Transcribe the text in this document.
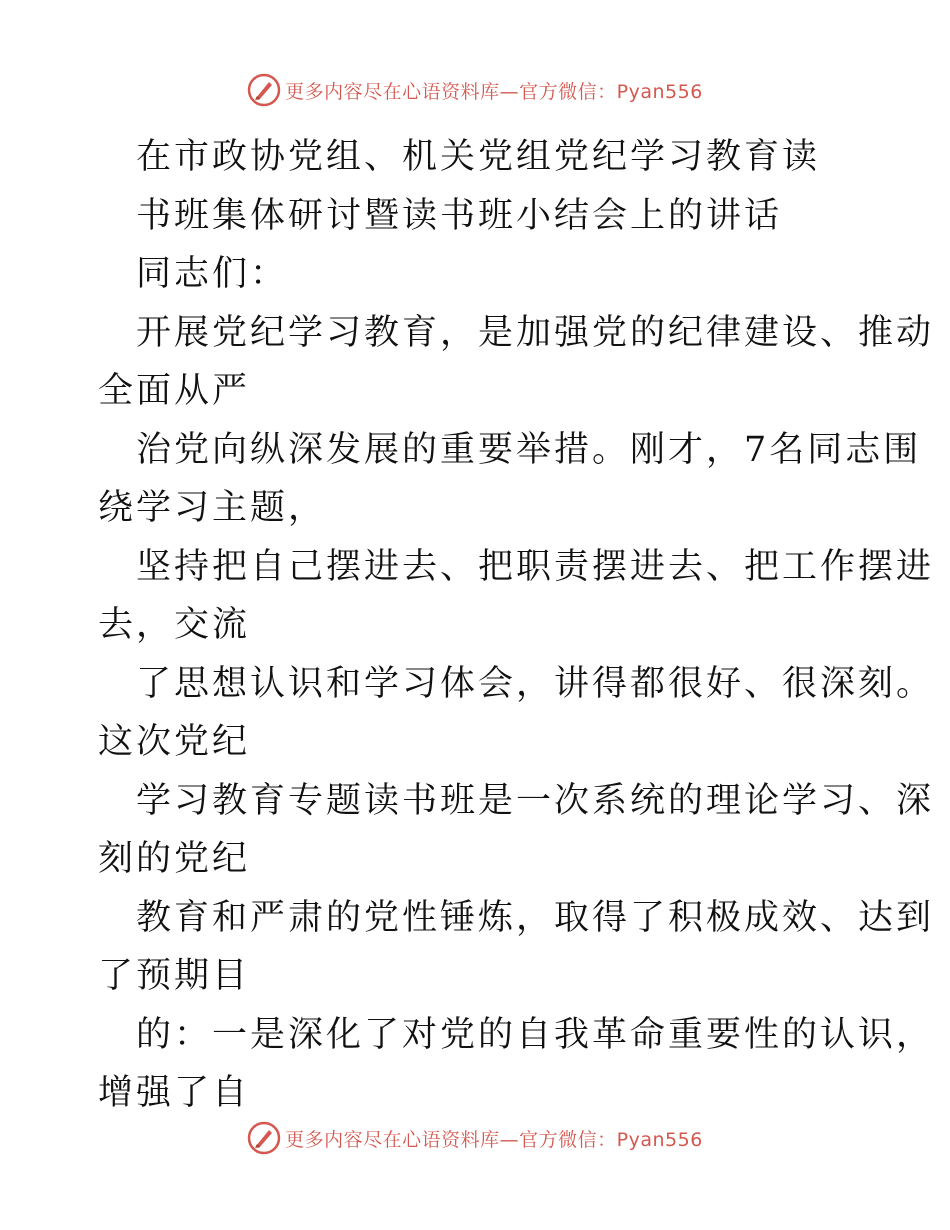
更多内容尽在心语资料库—官方微信：Pyan556
在市政协党组、机关党组党纪学习教育读
书班集体研讨暨读书班小结会上的讲话
同志们：
开展党纪学习教育，是加强党的纪律建设、推动
全面从严
治党向纵深发展的重要举措。刚才，7名同志围
绕学习主题，
坚持把自己摆进去、把职责摆进去、把工作摆进
去，交流
了思想认识和学习体会，讲得都很好、很深刻。
这次党纪
学习教育专题读书班是一次系统的理论学习、深
刻的党纪
教育和严肃的党性锤炼，取得了积极成效、达到
了预期目
的：一是深化了对党的自我革命重要性的认识，
增强了自
更多内容尽在心语资料库—官方微信：Pyan556
